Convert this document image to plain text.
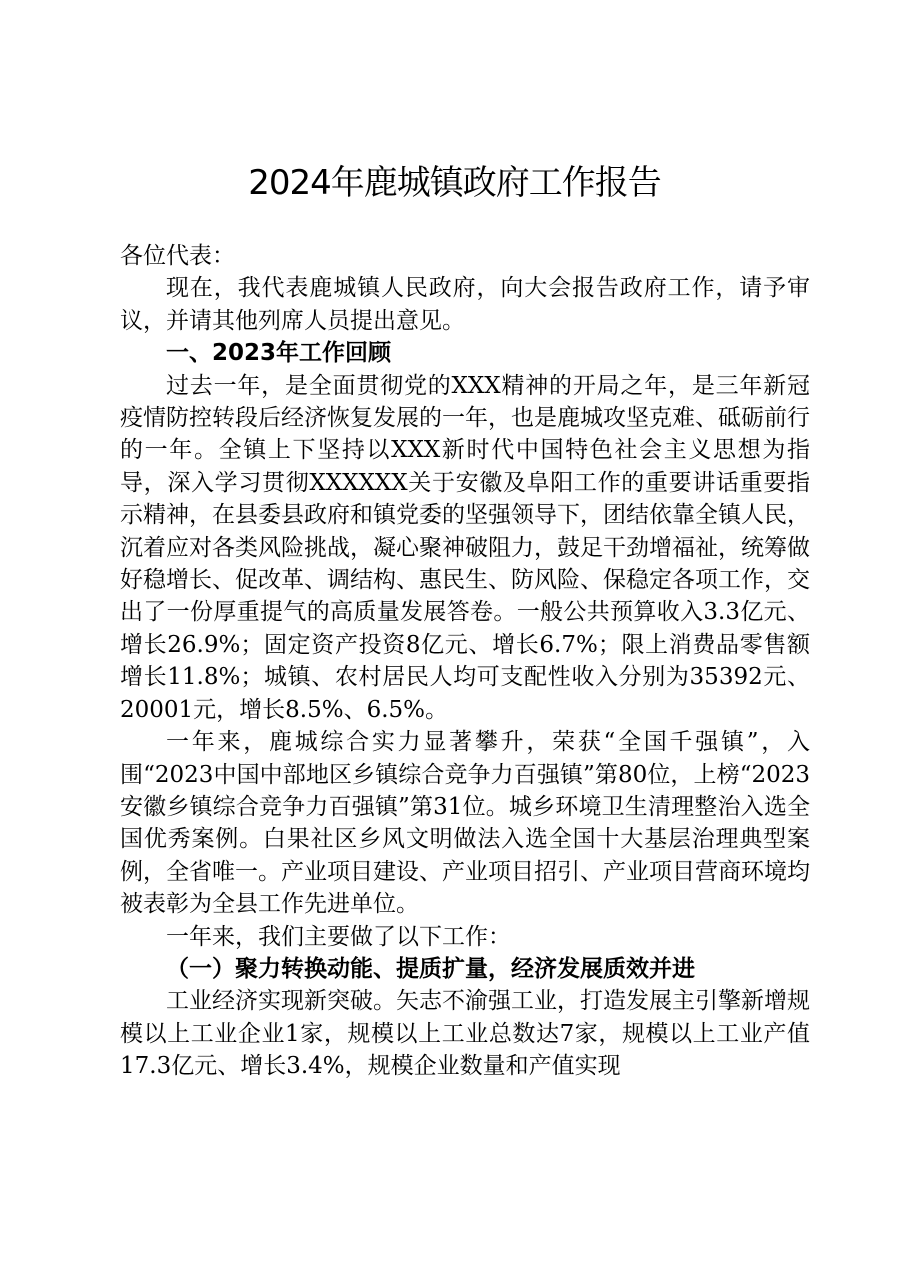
2024年鹿城镇政府工作报告

各位代表：

现在，我代表鹿城镇人民政府，向大会报告政府工作，请予审议，并请其他列席人员提出意见。

一、2023年工作回顾

过去一年，是全面贯彻党的XXX精神的开局之年，是三年新冠疫情防控转段后经济恢复发展的一年，也是鹿城攻坚克难、砥砺前行的一年。全镇上下坚持以XXX新时代中国特色社会主义思想为指导，深入学习贯彻XXXXXX关于安徽及阜阳工作的重要讲话重要指示精神，在县委县政府和镇党委的坚强领导下，团结依靠全镇人民，沉着应对各类风险挑战，凝心聚神破阻力，鼓足干劲增福祉，统筹做好稳增长、促改革、调结构、惠民生、防风险、保稳定各项工作，交出了一份厚重提气的高质量发展答卷。一般公共预算收入3.3亿元、增长26.9%；固定资产投资8亿元、增长6.7%；限上消费品零售额增长11.8%；城镇、农村居民人均可支配性收入分别为35392元、20001元，增长8.5%、6.5%。

一年来，鹿城综合实力显著攀升，荣获“全国千强镇”，入围“2023中国中部地区乡镇综合竞争力百强镇”第80位，上榜“2023安徽乡镇综合竞争力百强镇”第31位。城乡环境卫生清理整治入选全国优秀案例。白果社区乡风文明做法入选全国十大基层治理典型案例，全省唯一。产业项目建设、产业项目招引、产业项目营商环境均被表彰为全县工作先进单位。

一年来，我们主要做了以下工作：

（一）聚力转换动能、提质扩量，经济发展质效并进

工业经济实现新突破。矢志不渝强工业，打造发展主引擎新增规模以上工业企业1家，规模以上工业总数达7家，规模以上工业产值17.3亿元、增长3.4%，规模企业数量和产值实现
